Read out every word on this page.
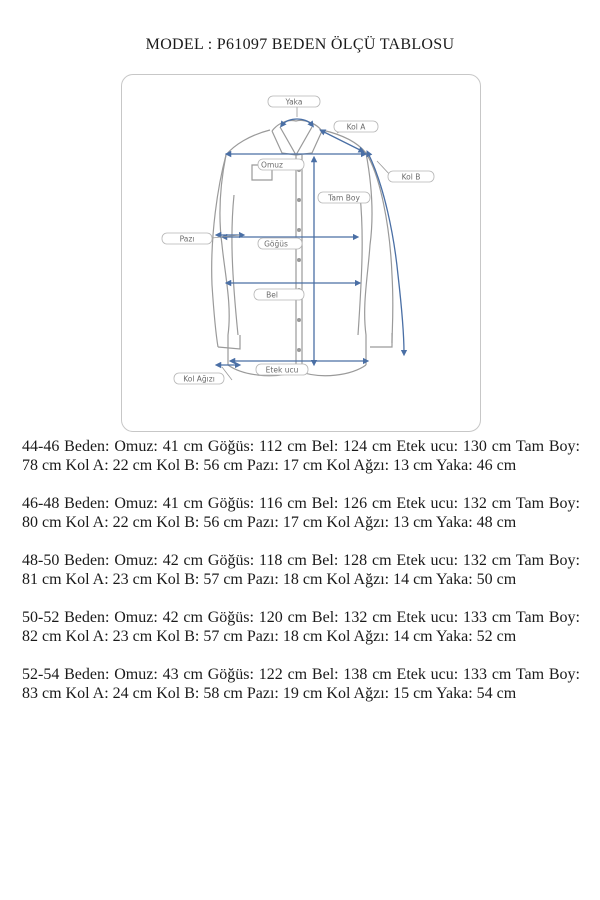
MODEL : P61097 BEDEN ÖLÇÜ TABLOSU
Yaka
Kol A
Kol B
Omuz
Tam Boy
Pazı
Göğüs
Bel
Etek ucu
Kol Ağızı

44-46 Beden: Omuz: 41 cm Göğüs: 112 cm Bel: 124 cm Etek ucu: 130 cm Tam Boy: 78 cm Kol A: 22 cm Kol B: 56 cm Pazı: 17 cm Kol Ağzı: 13 cm Yaka: 46 cm

46-48 Beden: Omuz: 41 cm Göğüs: 116 cm Bel: 126 cm Etek ucu: 132 cm Tam Boy: 80 cm Kol A: 22 cm Kol B: 56 cm Pazı: 17 cm Kol Ağzı: 13 cm Yaka: 48 cm

48-50 Beden: Omuz: 42 cm Göğüs: 118 cm Bel: 128 cm Etek ucu: 132 cm Tam Boy: 81 cm Kol A: 23 cm Kol B: 57 cm Pazı: 18 cm Kol Ağzı: 14 cm Yaka: 50 cm

50-52 Beden: Omuz: 42 cm Göğüs: 120 cm Bel: 132 cm Etek ucu: 133 cm Tam Boy: 82 cm Kol A: 23 cm Kol B: 57 cm Pazı: 18 cm Kol Ağzı: 14 cm Yaka: 52 cm

52-54 Beden: Omuz: 43 cm Göğüs: 122 cm Bel: 138 cm Etek ucu: 133 cm Tam Boy: 83 cm Kol A: 24 cm Kol B: 58 cm Pazı: 19 cm Kol Ağzı: 15 cm Yaka: 54 cm
